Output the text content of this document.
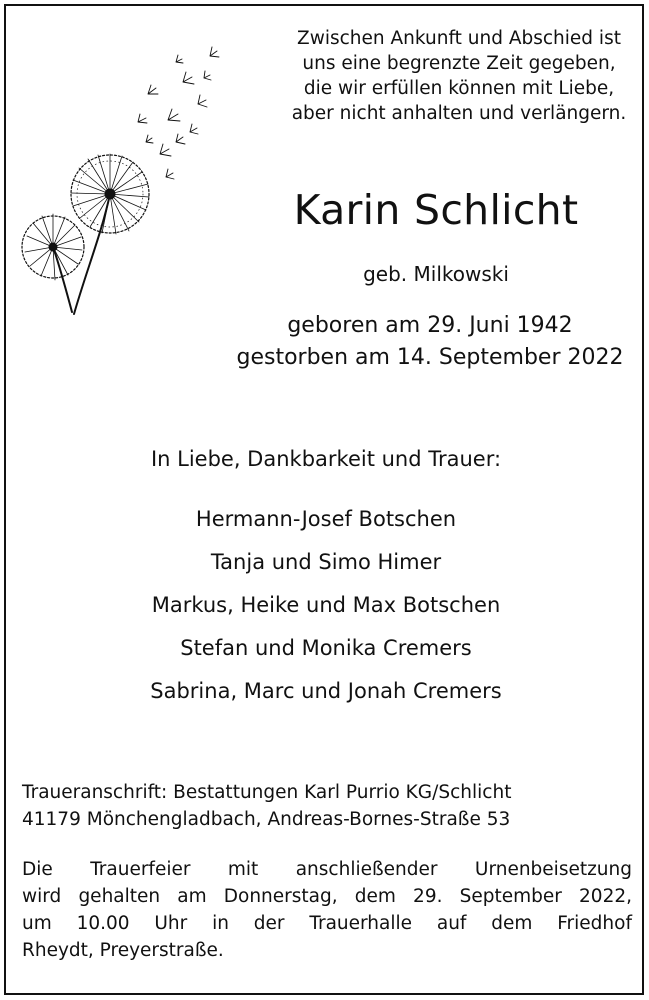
Zwischen Ankunft und Abschied ist
uns eine begrenzte Zeit gegeben,
die wir erfüllen können mit Liebe,
aber nicht anhalten und verlängern.
Karin Schlicht
geb. Milkowski
geboren am 29. Juni 1942
gestorben am 14. September 2022
In Liebe, Dankbarkeit und Trauer:
Hermann-Josef Botschen
Tanja und Simo Himer
Markus, Heike und Max Botschen
Stefan und Monika Cremers
Sabrina, Marc und Jonah Cremers
Traueranschrift: Bestattungen Karl Purrio KG/Schlicht
41179 Mönchengladbach, Andreas-Bornes-Straße 53
Die Trauerfeier mit anschließender Urnenbeisetzung
wird gehalten am Donnerstag, dem 29. September 2022,
um 10.00 Uhr in der Trauerhalle auf dem Friedhof
Rheydt, Preyerstraße.
